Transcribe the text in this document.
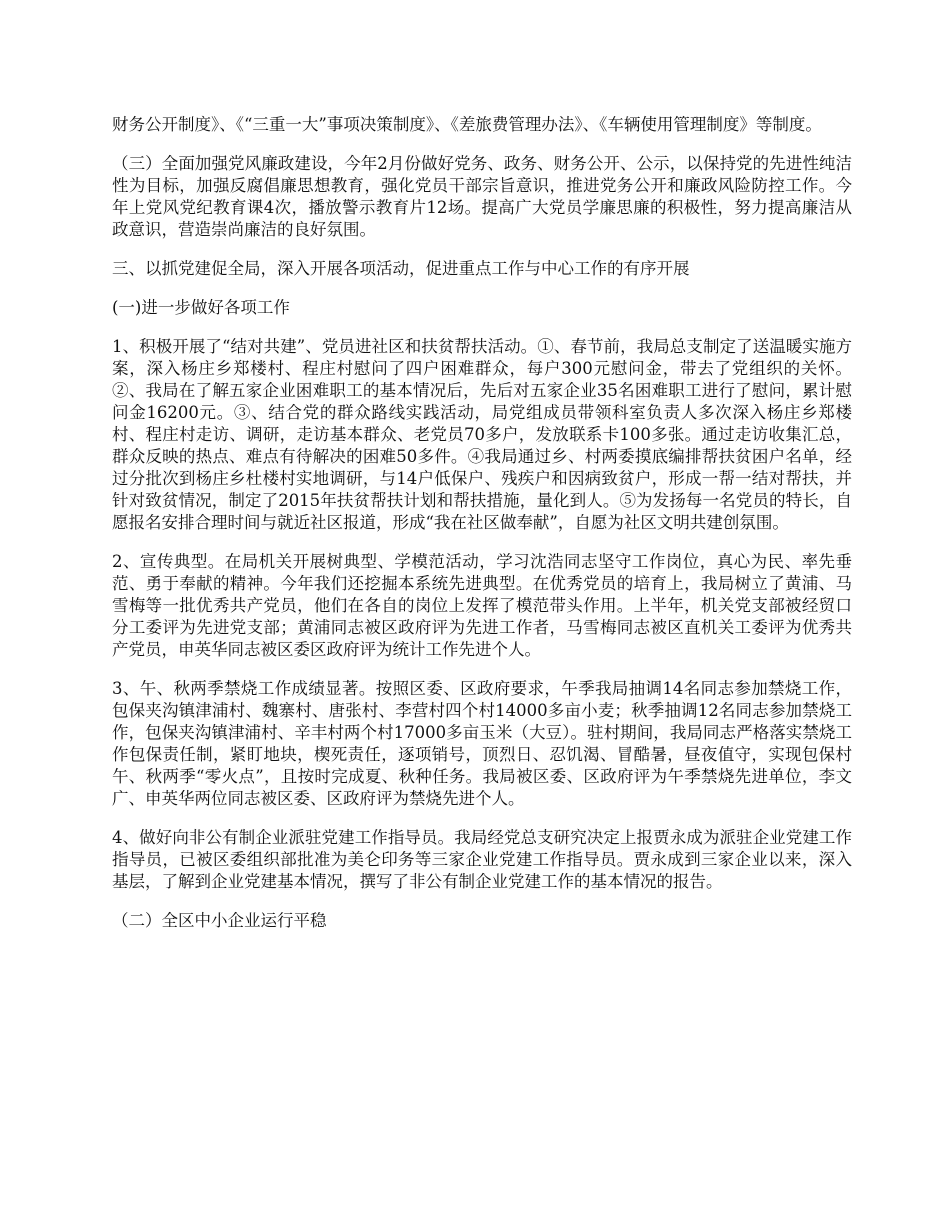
财务公开制度》、《“三重一大”事项决策制度》、《差旅费管理办法》、《车辆使用管理制度》等制度。

（三）全面加强党风廉政建设，今年2月份做好党务、政务、财务公开、公示，以保持党的先进性纯洁性为目标，加强反腐倡廉思想教育，强化党员干部宗旨意识，推进党务公开和廉政风险防控工作。今年上党风党纪教育课4次，播放警示教育片12场。提高广大党员学廉思廉的积极性，努力提高廉洁从政意识，营造崇尚廉洁的良好氛围。

三、以抓党建促全局，深入开展各项活动，促进重点工作与中心工作的有序开展

(一)进一步做好各项工作

1、积极开展了“结对共建”、党员进社区和扶贫帮扶活动。①、春节前，我局总支制定了送温暖实施方案，深入杨庄乡郑楼村、程庄村慰问了四户困难群众，每户300元慰问金，带去了党组织的关怀。②、我局在了解五家企业困难职工的基本情况后，先后对五家企业35名困难职工进行了慰问，累计慰问金16200元。③、结合党的群众路线实践活动，局党组成员带领科室负责人多次深入杨庄乡郑楼村、程庄村走访、调研，走访基本群众、老党员70多户，发放联系卡100多张。通过走访收集汇总，群众反映的热点、难点有待解决的困难50多件。④我局通过乡、村两委摸底编排帮扶贫困户名单，经过分批次到杨庄乡杜楼村实地调研，与14户低保户、残疾户和因病致贫户，形成一帮一结对帮扶，并针对致贫情况，制定了2015年扶贫帮扶计划和帮扶措施，量化到人。⑤为发扬每一名党员的特长，自愿报名安排合理时间与就近社区报道，形成“我在社区做奉献”，自愿为社区文明共建创氛围。

2、宣传典型。在局机关开展树典型、学模范活动，学习沈浩同志坚守工作岗位，真心为民、率先垂范、勇于奉献的精神。今年我们还挖掘本系统先进典型。在优秀党员的培育上，我局树立了黄浦、马雪梅等一批优秀共产党员，他们在各自的岗位上发挥了模范带头作用。上半年，机关党支部被经贸口分工委评为先进党支部；黄浦同志被区政府评为先进工作者，马雪梅同志被区直机关工委评为优秀共产党员，申英华同志被区委区政府评为统计工作先进个人。

3、午、秋两季禁烧工作成绩显著。按照区委、区政府要求，午季我局抽调14名同志参加禁烧工作，包保夹沟镇津浦村、魏寨村、唐张村、李营村四个村14000多亩小麦；秋季抽调12名同志参加禁烧工作，包保夹沟镇津浦村、辛丰村两个村17000多亩玉米（大豆）。驻村期间，我局同志严格落实禁烧工作包保责任制，紧盯地块，楔死责任，逐项销号，顶烈日、忍饥渴、冒酷暑，昼夜值守，实现包保村午、秋两季“零火点”，且按时完成夏、秋种任务。我局被区委、区政府评为午季禁烧先进单位，李文广、申英华两位同志被区委、区政府评为禁烧先进个人。

4、做好向非公有制企业派驻党建工作指导员。我局经党总支研究决定上报贾永成为派驻企业党建工作指导员，已被区委组织部批准为美仑印务等三家企业党建工作指导员。贾永成到三家企业以来，深入基层，了解到企业党建基本情况，撰写了非公有制企业党建工作的基本情况的报告。

（二）全区中小企业运行平稳
